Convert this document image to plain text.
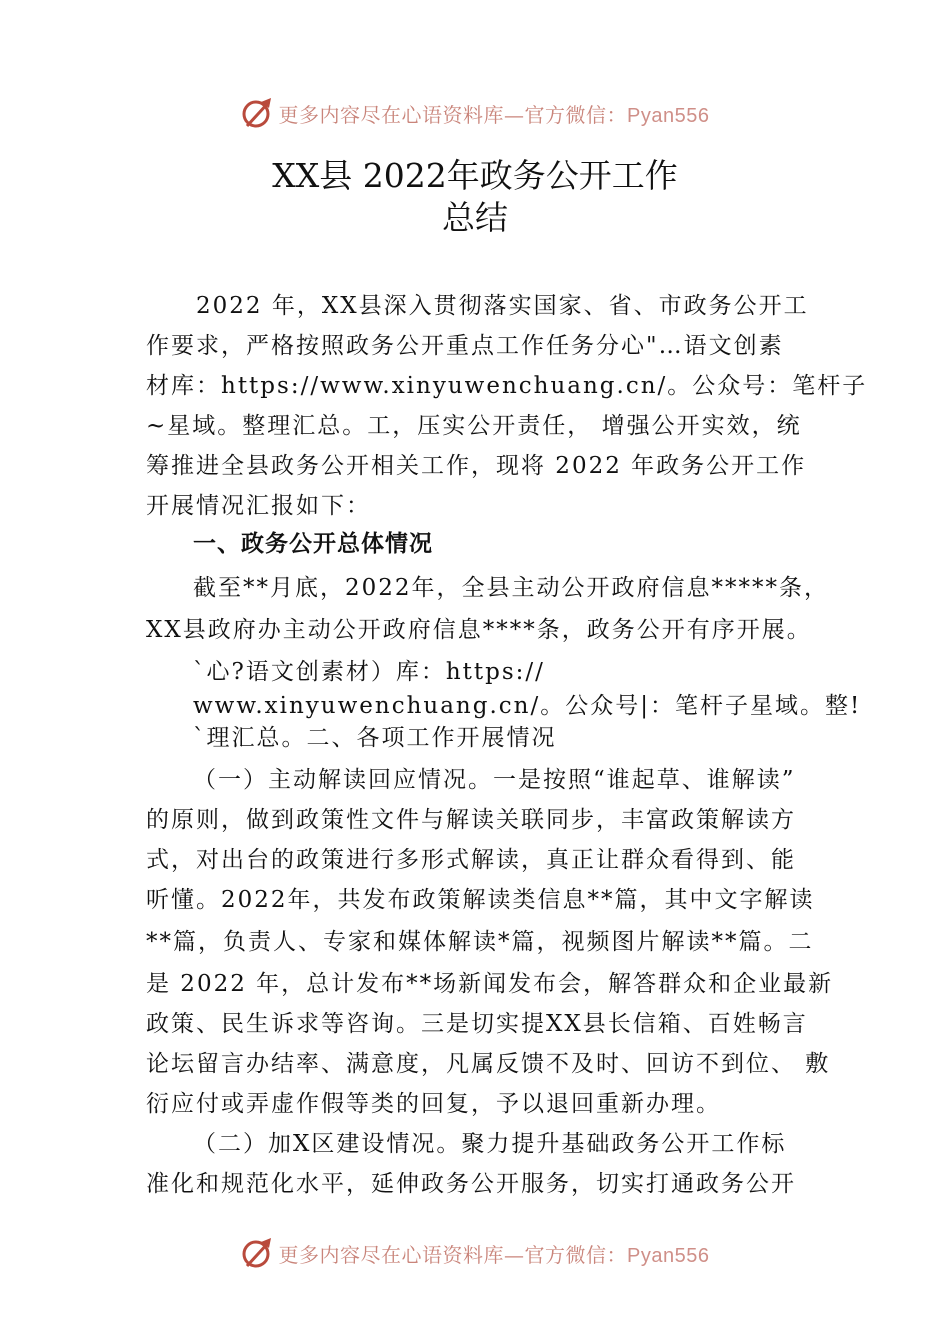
更多内容尽在心语资料库—官方微信：Pyan556
XX县 2022年政务公开工作
总结
　　2022 年，XX县深入贯彻落实国家、省、市政务公开工
作要求，严格按照政务公开重点工作任务分心"…语文创素
材库：https://www.xinyuwenchuang.cn/。公众号：笔杆子
~星域。整理汇总。工，压实公开责任， 增强公开实效，统
筹推进全县政务公开相关工作，现将 2022 年政务公开工作
开展情况汇报如下：
一、政务公开总体情况
截至**月底，2022年，全县主动公开政府信息*****条，
XX县政府办主动公开政府信息****条，政务公开有序开展。
`心?语文创素材）库：https://
www.xinyuwenchuang.cn/。公众号|：笔杆子星域。整!
`理汇总。二、各项工作开展情况
（一）主动解读回应情况。一是按照“谁起草、谁解读”
的原则，做到政策性文件与解读关联同步，丰富政策解读方
式，对出台的政策进行多形式解读，真正让群众看得到、能
听懂。2022年，共发布政策解读类信息**篇，其中文字解读
**篇，负责人、专家和媒体解读*篇，视频图片解读**篇。二
是 2022 年，总计发布**场新闻发布会，解答群众和企业最新
政策、民生诉求等咨询。三是切实提XX县长信箱、百姓畅言
论坛留言办结率、满意度，凡属反馈不及时、回访不到位、 敷
衍应付或弄虚作假等类的回复，予以退回重新办理。
（二）加X区建设情况。聚力提升基础政务公开工作标
准化和规范化水平，延伸政务公开服务，切实打通政务公开
更多内容尽在心语资料库—官方微信：Pyan556
